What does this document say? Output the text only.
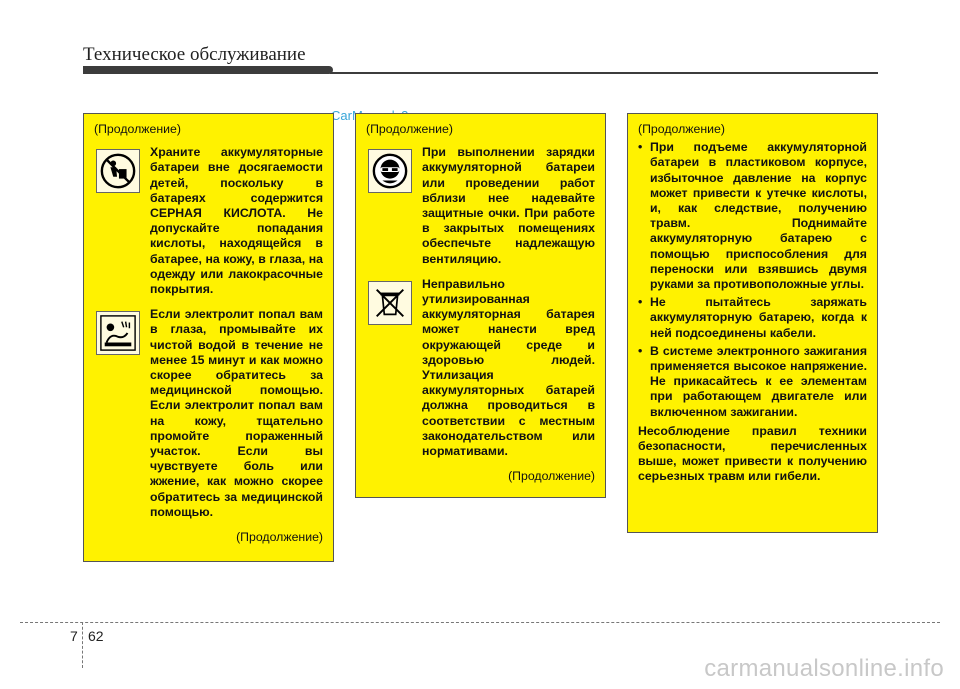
Техническое обслуживание
(Продолжение)
Храните аккумуляторные батареи вне досягаемости детей, поскольку в батареях содержится СЕРНАЯ КИСЛОТА. Не допускайте попадания кислоты, находящейся в батарее, на кожу, в глаза, на одежду или лакокрасочные покрытия.
Если электролит попал вам в глаза, промывайте их чистой водой в течение не менее 15 минут и как можно скорее обратитесь за медицинской помощью. Если электролит попал вам на кожу, тщательно промойте пораженный участок. Если вы чувствуете боль или жжение, как можно скорее обратитесь за медицинской помощью.
(Продолжение)
(Продолжение)
При выполнении зарядки аккумуляторной батареи или проведении работ вблизи нее надевайте защитные очки. При работе в закрытых помещениях обеспечьте надлежащую вентиляцию.
Неправильно утилизированная аккумуляторная батарея может нанести вред окружающей среде и здоровью людей. Утилизация аккумуляторных батарей должна проводиться в соответствии с местным законодательством или нормативами.
(Продолжение)
(Продолжение)
• При подъеме аккумуляторной батареи в пластиковом корпусе, избыточное давление на корпус может привести к утечке кислоты, и, как следствие, получению травм. Поднимайте аккумуляторную батарею с помощью приспособления для переноски или взявшись двумя руками за противоположные углы.
• Не пытайтесь заряжать аккумуляторную батарею, когда к ней подсоединены кабели.
• В системе электронного зажигания применяется высокое напряжение. Не прикасайтесь к ее элементам при работающем двигателе или включенном зажигании.
Несоблюдение правил техники безопасности, перечисленных выше, может привести к получению серьезных травм или гибели.
7 62
carmanualsonline.info
